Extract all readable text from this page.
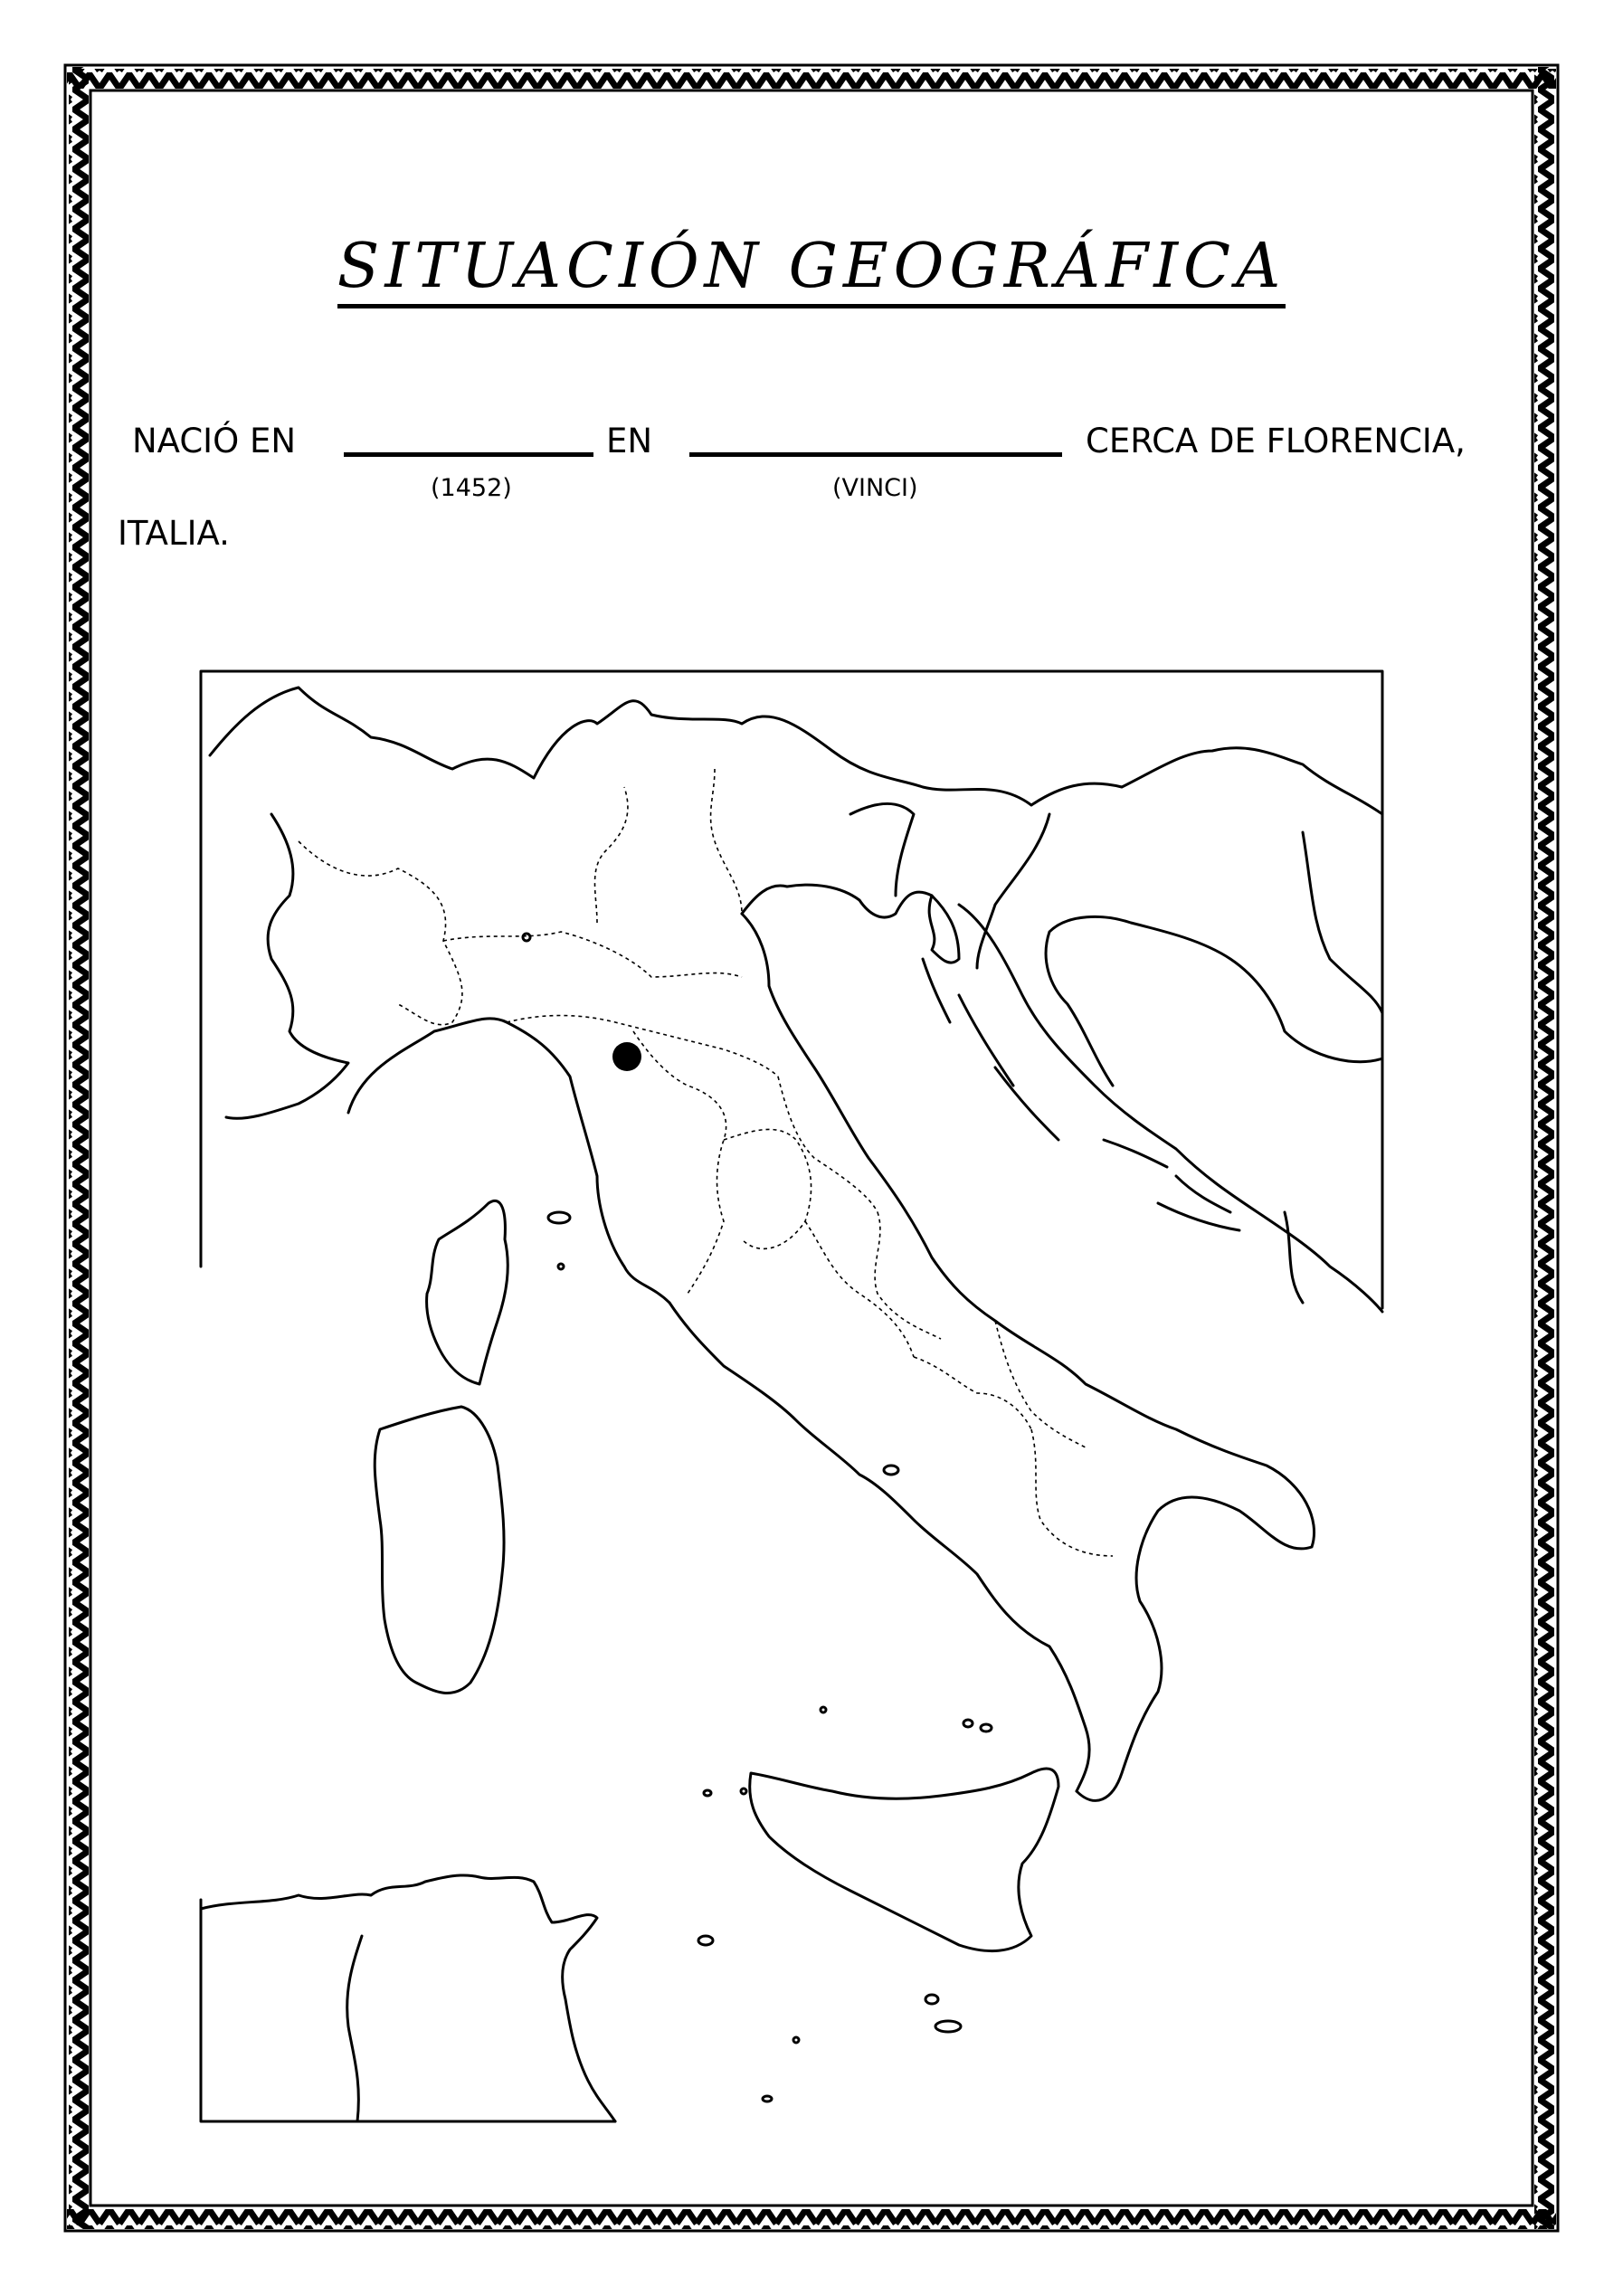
SITUACIÓN GEOGRÁFICA
NACIÓ EN	EN	CERCA DE FLORENCIA,
(1452)	(VINCI)
ITALIA.
